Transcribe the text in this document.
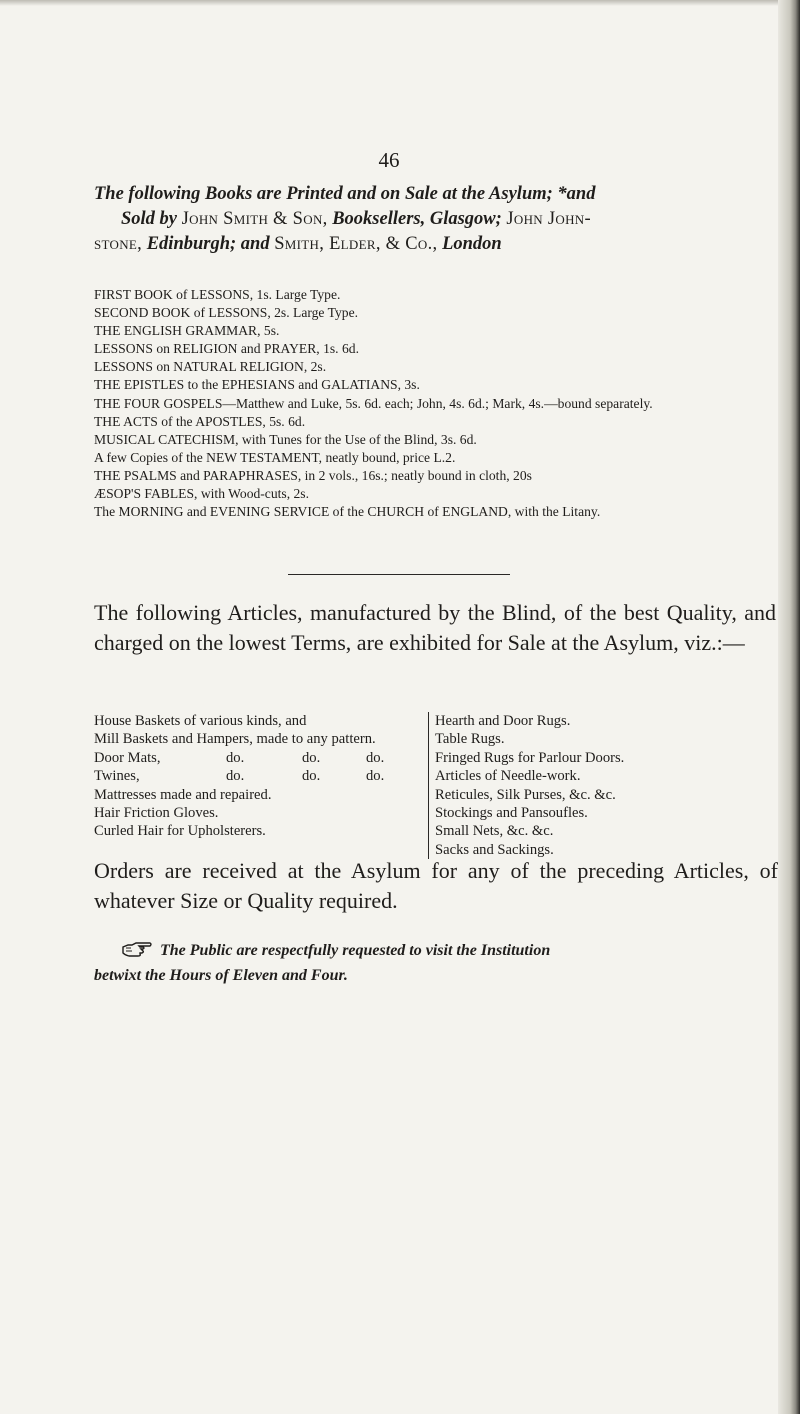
46
The following Books are Printed and on Sale at the Asylum; *and
Sold by John Smith & Son, Booksellers, Glasgow; John John-
stone, Edinburgh; and Smith, Elder, & Co., London
FIRST BOOK of LESSONS, 1s. Large Type.
SECOND BOOK of LESSONS, 2s. Large Type.
THE ENGLISH GRAMMAR, 5s.
LESSONS on RELIGION and PRAYER, 1s. 6d.
LESSONS on NATURAL RELIGION, 2s.
THE EPISTLES to the EPHESIANS and GALATIANS, 3s.
THE FOUR GOSPELS—Matthew and Luke, 5s. 6d. each; John, 4s. 6d.; Mark, 4s.—bound separately.
THE ACTS of the APOSTLES, 5s. 6d.
MUSICAL CATECHISM, with Tunes for the Use of the Blind, 3s. 6d.
A few Copies of the NEW TESTAMENT, neatly bound, price L.2.
THE PSALMS and PARAPHRASES, in 2 vols., 16s.; neatly bound in cloth, 20s
ÆSOP'S FABLES, with Wood-cuts, 2s.
The MORNING and EVENING SERVICE of the CHURCH of ENGLAND, with the Litany.
The following Articles, manufactured by the Blind, of the best Quality, and charged on the lowest Terms, are exhibited for Sale at the Asylum, viz.:—
House Baskets of various kinds, and
Mill Baskets and Hampers, made to any pattern.
Door Mats,	do.	do.	do.
Twines,	do.	do.	do.
Mattresses made and repaired.
Hair Friction Gloves.
Curled Hair for Upholsterers.
Hearth and Door Rugs.
Table Rugs.
Fringed Rugs for Parlour Doors.
Articles of Needle-work.
Reticules, Silk Purses, &c. &c.
Stockings and Pansoufles.
Small Nets, &c. &c.
Sacks and Sackings.
Orders are received at the Asylum for any of the preceding Articles, of whatever Size or Quality required.
The Public are respectfully requested to visit the Institution
betwixt the Hours of Eleven and Four.
